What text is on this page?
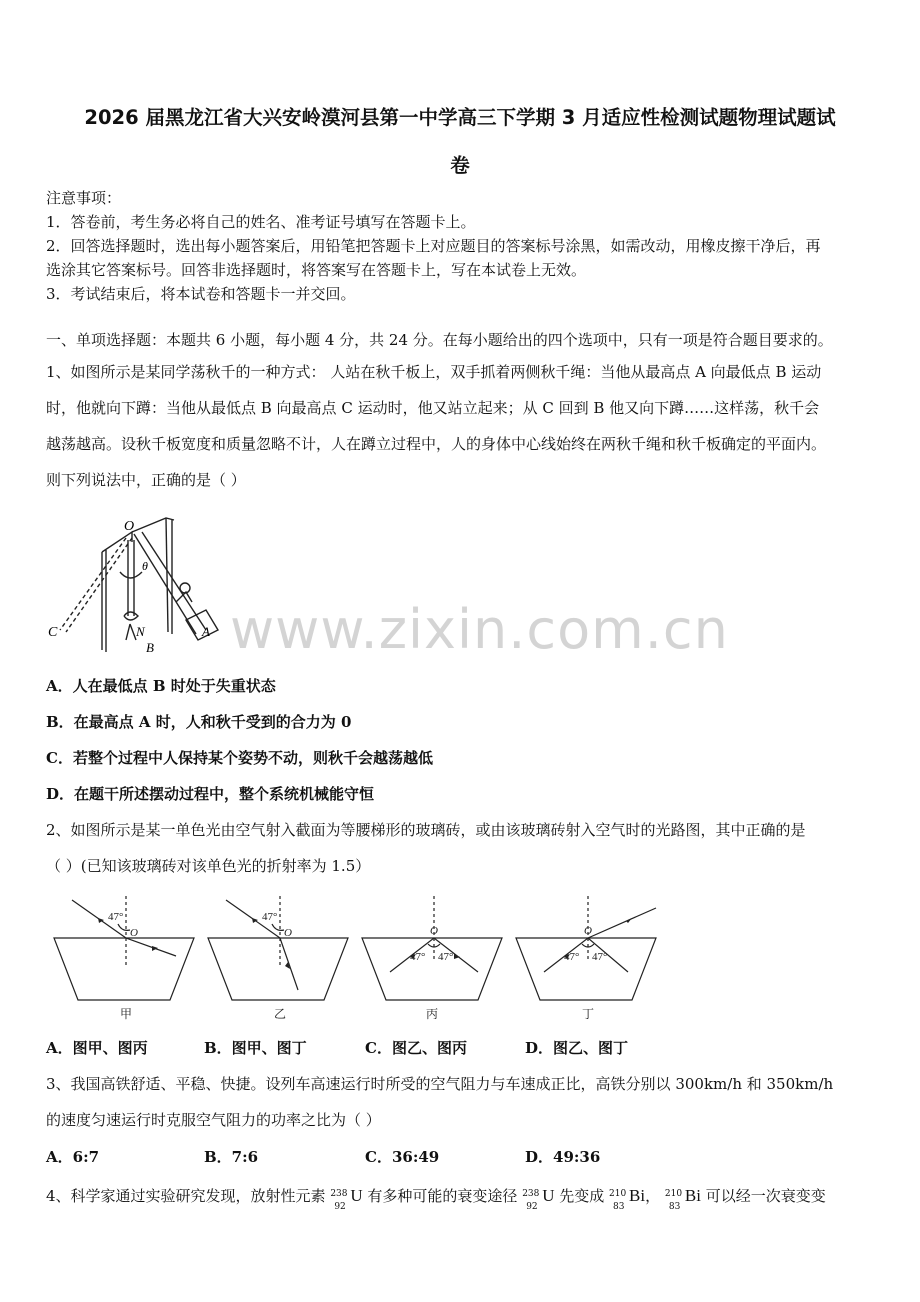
2026 届黑龙江省大兴安岭漠河县第一中学高三下学期 3 月适应性检测试题物理试题试
卷
注意事项：
1．答卷前，考生务必将自己的姓名、准考证号填写在答题卡上。
2．回答选择题时，选出每小题答案后，用铅笔把答题卡上对应题目的答案标号涂黑，如需改动，用橡皮擦干净后，再
选涂其它答案标号。回答非选择题时，将答案写在答题卡上，写在本试卷上无效。
3．考试结束后，将本试卷和答题卡一并交回。
一、单项选择题：本题共 6 小题，每小题 4 分，共 24 分。在每小题给出的四个选项中，只有一项是符合题目要求的。
1、如图所示是某同学荡秋千的一种方式： 人站在秋千板上，双手抓着两侧秋千绳：当他从最高点 A 向最低点 B 运动
时，他就向下蹲：当他从最低点 B 向最高点 C 运动时，他又站立起来；从 C 回到 B 他又向下蹲……这样荡，秋千会
越荡越高。设秋千板宽度和质量忽略不计，人在蹲立过程中，人的身体中心线始终在两秋千绳和秋千板确定的平面内。
则下列说法中，正确的是（ ）
O
θ
C	N
B
A www.zixin.com.cn
A．人在最低点 B 时处于失重状态
B．在最高点 A 时，人和秋千受到的合力为 0
C．若整个过程中人保持某个姿势不动，则秋千会越荡越低
D．在题干所述摆动过程中，整个系统机械能守恒
2、如图所示是某一单色光由空气射入截面为等腰梯形的玻璃砖，或由该玻璃砖射入空气时的光路图，其中正确的是
（ ）(已知该玻璃砖对该单色光的折射率为 1.5）
47°
O
47°
O	O
47° 47°
O
47° 47°
甲	乙	丙	丁
A．图甲、图丙	B．图甲、图丁	C．图乙、图丙	D．图乙、图丁
3、我国高铁舒适、平稳、快捷。设列车高速运行时所受的空气阻力与车速成正比，高铁分别以 300km/h 和 350km/h
的速度匀速运行时克服空气阻力的功率之比为（ ）
A．6:7	B．7:6	C．36:49	D．49:36
4、科学家通过实验研究发现，放射性元素 238
92
U 有多种可能的衰变途径 238
92
U 先变成 210
83
Bi， 210
83
Bi 可以经一次衰变变
